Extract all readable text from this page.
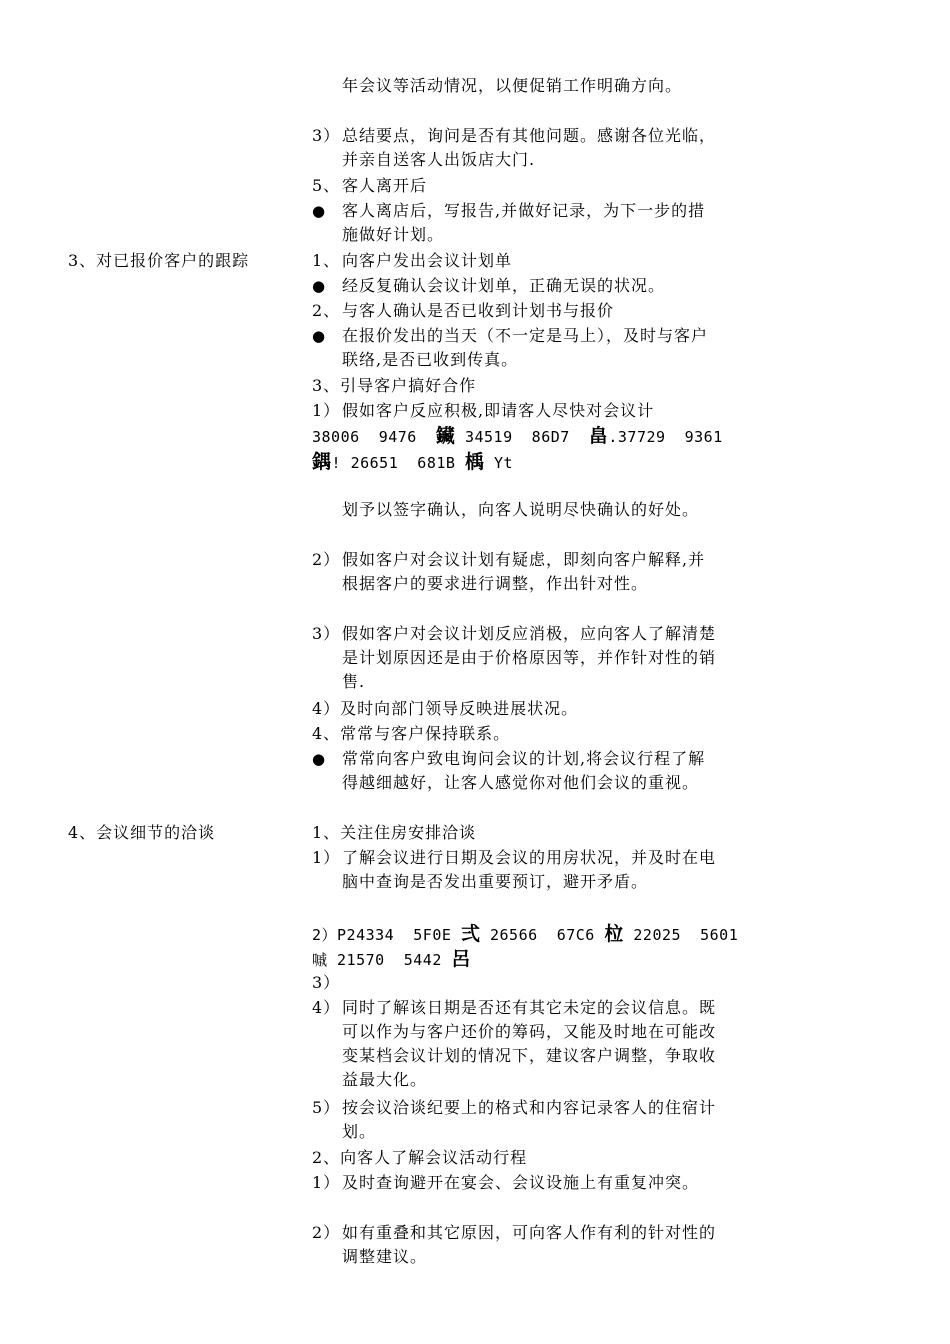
年会议等活动情况，以便促销工作明确方向。
3） 总结要点，询问是否有其他问题。感谢各位光临，并亲自送客人出饭店大门.
5、 客人离开后
● 客人离店后，写报告,并做好记录，为下一步的措施做好计划。
3、对已报价客户的跟踪	1、 向客户发出会议计划单
● 经反复确认会议计划单，正确无误的状况。
2、 与客人确认是否已收到计划书与报价
● 在报价发出的当天（不一定是马上），及时与客户联络,是否已收到传真。
3、引导客户搞好合作
1） 假如客户反应积极,即请客人尽快对会议计
38006  9476  鑶 34519  86D7  畠.37729  9361
鍝! 26651  681B 楀 Yt
划予以签字确认，向客人说明尽快确认的好处。
2） 假如客户对会议计划有疑虑，即刻向客户解释,并根据客户的要求进行调整，作出针对性。
3） 假如客户对会议计划反应消极，应向客人了解清楚是计划原因还是由于价格原因等，并作针对性的销售.
4）及时向部门领导反映进展状况。
4、常常与客户保持联系。
● 常常向客户致电询问会议的计划,将会议行程了解得越细越好，让客人感觉你对他们会议的重视。
4、会议细节的洽谈	1、关注住房安排洽谈
1） 了解会议进行日期及会议的用房状况，并及时在电脑中查询是否发出重要预订，避开矛盾。
2）P24334  5F0E 弍 26566  67C6 柆 22025  5601
嘁 21570  5442 呂
3）
4） 同时了解该日期是否还有其它未定的会议信息。既可以作为与客户还价的筹码，又能及时地在可能改变某档会议计划的情况下，建议客户调整，争取收益最大化。
5） 按会议洽谈纪要上的格式和内容记录客人的住宿计划。
2、向客人了解会议活动行程
1） 及时查询避开在宴会、会议设施上有重复冲突。
2） 如有重叠和其它原因，可向客人作有利的针对性的调整建议。
